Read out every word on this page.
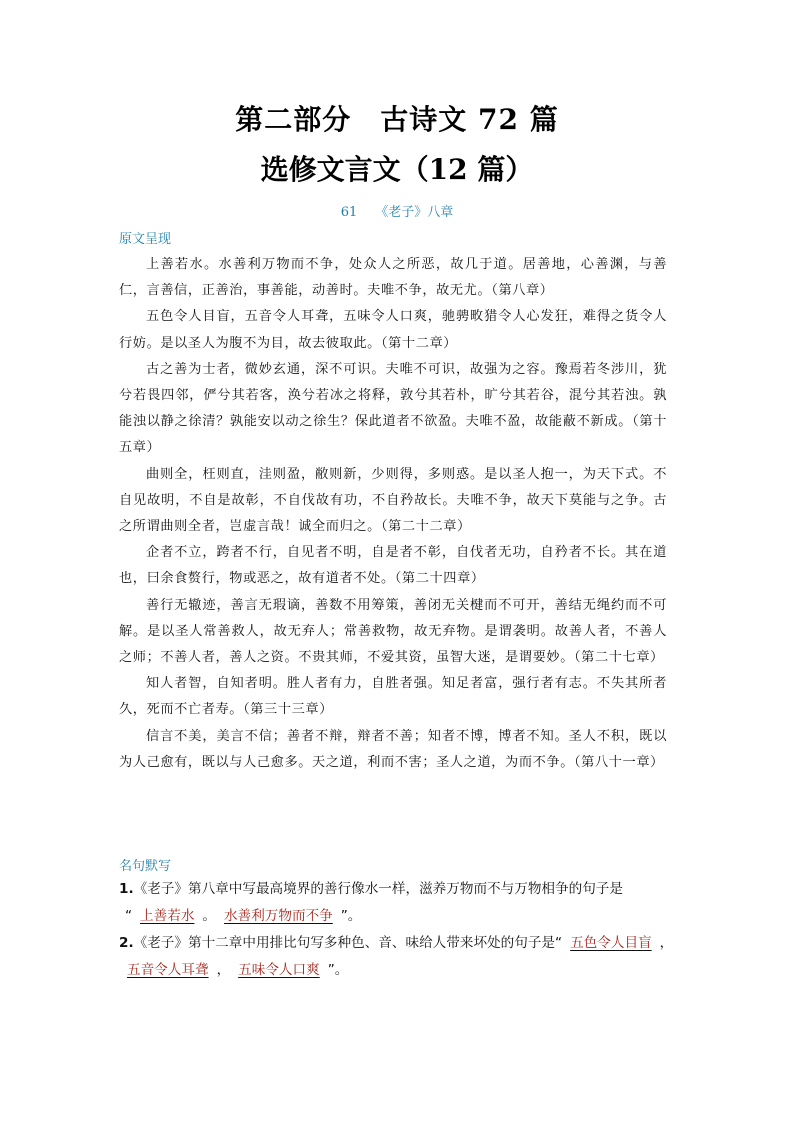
第二部分　古诗文 72 篇
选修文言文（12 篇）
61 《老子》八章
原文呈现

上善若水。水善利万物而不争，处众人之所恶，故几于道。居善地，心善渊，与善仁，言善信，正善治，事善能，动善时。夫唯不争，故无尤。（第八章）

五色令人目盲，五音令人耳聋，五味令人口爽，驰骋畋猎令人心发狂，难得之货令人行妨。是以圣人为腹不为目，故去彼取此。（第十二章）

古之善为士者，微妙玄通，深不可识。夫唯不可识，故强为之容。豫焉若冬涉川，犹兮若畏四邻，俨兮其若客，涣兮若冰之将释，敦兮其若朴，旷兮其若谷，混兮其若浊。孰能浊以静之徐清？孰能安以动之徐生？保此道者不欲盈。夫唯不盈，故能蔽不新成。（第十五章）

曲则全，枉则直，洼则盈，敝则新，少则得，多则惑。是以圣人抱一，为天下式。不自见故明，不自是故彰，不自伐故有功，不自矜故长。夫唯不争，故天下莫能与之争。古之所谓曲则全者，岂虚言哉！诚全而归之。（第二十二章）

企者不立，跨者不行，自见者不明，自是者不彰，自伐者无功，自矜者不长。其在道也，曰余食赘行，物或恶之，故有道者不处。（第二十四章）

善行无辙迹，善言无瑕谪，善数不用筹策，善闭无关楗而不可开，善结无绳约而不可解。是以圣人常善救人，故无弃人；常善救物，故无弃物。是谓袭明。故善人者，不善人之师；不善人者，善人之资。不贵其师，不爱其资，虽智大迷，是谓要妙。（第二十七章）

知人者智，自知者明。胜人者有力，自胜者强。知足者富，强行者有志。不失其所者久，死而不亡者寿。（第三十三章）

信言不美，美言不信；善者不辩，辩者不善；知者不博，博者不知。圣人不积，既以为人己愈有，既以与人己愈多。天之道，利而不害；圣人之道，为而不争。（第八十一章）

名句默写
1.《老子》第八章中写最高境界的善行像水一样，滋养万物而不与万物相争的句子是
“ 上善若水 。 水善利万物而不争 ”。
2.《老子》第十二章中用排比句写多种色、音、味给人带来坏处的句子是“ 五色令人目盲 ，五音令人耳聋 ， 五味令人口爽 ”。
